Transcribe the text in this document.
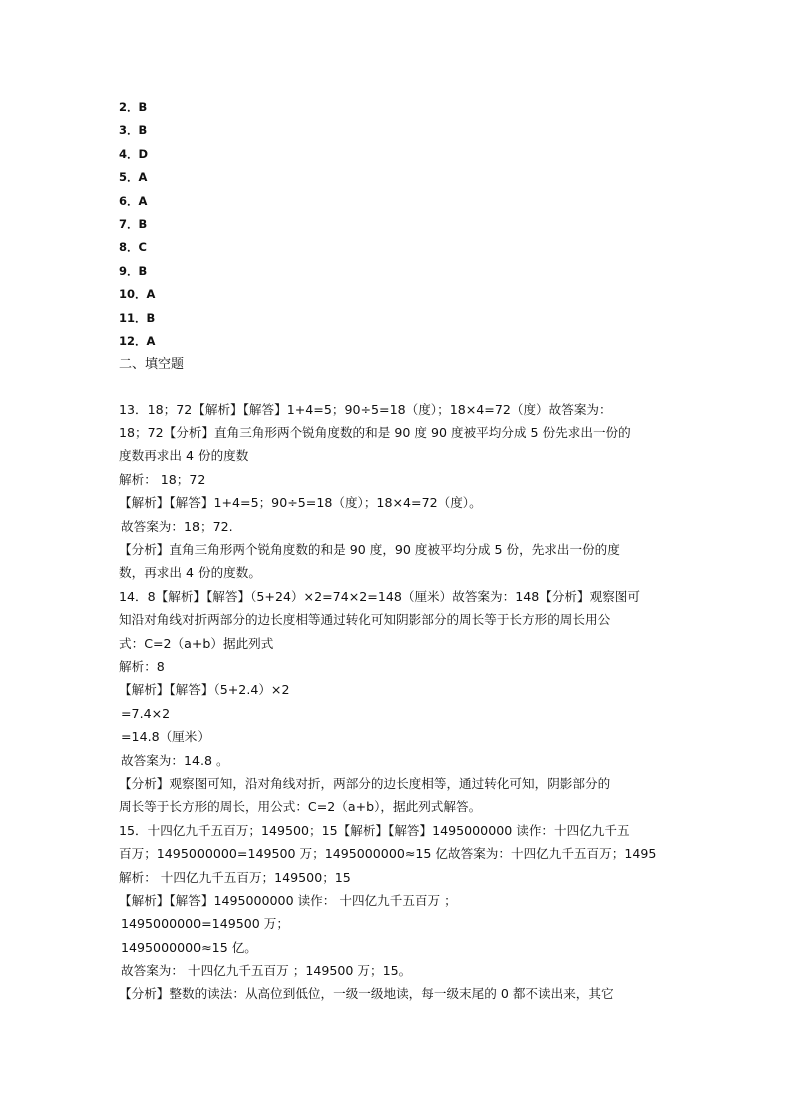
2．B
3．B
4．D
5．A
6．A
7．B
8．C
9．B
10．A
11．B
12．A
二、填空题
13．18；72【解析】【解答】1+4=5；90÷5=18（度）；18×4=72（度）故答案为：
18；72【分析】直角三角形两个锐角度数的和是 90 度 90 度被平均分成 5 份先求出一份的
度数再求出 4 份的度数
解析： 18；72
【解析】【解答】1+4=5；90÷5=18（度）；18×4=72（度）。
故答案为：18；72.
【分析】直角三角形两个锐角度数的和是 90 度，90 度被平均分成 5 份，先求出一份的度
数，再求出 4 份的度数。
14．8【解析】【解答】（5+24）×2=74×2=148（厘米）故答案为：148【分析】观察图可
知沿对角线对折两部分的边长度相等通过转化可知阴影部分的周长等于长方形的周长用公
式：C=2（a+b）据此列式
解析：8
【解析】【解答】（5+2.4）×2
=7.4×2
=14.8（厘米）
故答案为：14.8 。
【分析】观察图可知，沿对角线对折，两部分的边长度相等，通过转化可知，阴影部分的
周长等于长方形的周长，用公式：C=2（a+b），据此列式解答。
15．十四亿九千五百万；149500；15【解析】【解答】1495000000 读作：十四亿九千五
百万；1495000000=149500 万；1495000000≈15 亿故答案为：十四亿九千五百万；1495
解析： 十四亿九千五百万；149500；15
【解析】【解答】1495000000 读作： 十四亿九千五百万 ；
1495000000=149500 万；
1495000000≈15 亿。
故答案为： 十四亿九千五百万 ；149500 万；15。
【分析】整数的读法：从高位到低位，一级一级地读，每一级末尾的 0 都不读出来，其它
